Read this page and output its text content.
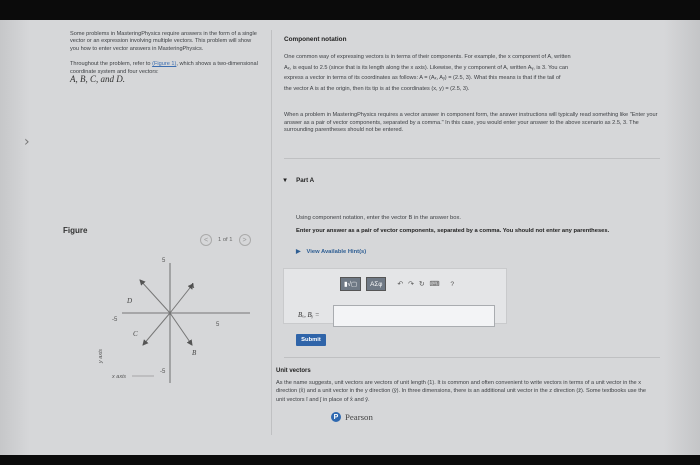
›

Some problems in MasteringPhysics require answers in the form of a single vector or an expression involving multiple vectors. This problem will show you how to enter vector answers in MasteringPhysics.

Throughout the problem, refer to (Figure 1), which shows a two-dimensional coordinate system and four vectors:
A, B, C, and D.

Figure
<	1 of 1	>
5
-5
5
-5
A
B
C
D
x axis
y axis
Component notation
One common way of expressing vectors is in terms of their components. For example, the x component of A, written
Aₓ, is equal to 2.5 (since that is its length along the x axis). Likewise, the y component of A, written Aᵧ, is 3. You can
express a vector in terms of its coordinates as follows: A = (Aₓ, Aᵧ) = (2.5, 3). What this means is that if the tail of
the vector A is at the origin, then its tip is at the coordinates (x, y) = (2.5, 3).
When a problem in MasteringPhysics requires a vector answer in component form, the answer instructions will typically read something like "Enter your answer as a pair of vector components, separated by a comma." In this case, you would enter your answer to the above scenario as 2.5, 3. The surrounding parentheses should not be entered.
▼ Part A
Using component notation, enter the vector B in the answer box.
Enter your answer as a pair of vector components, separated by a comma. You should not enter any parentheses.
▶ View Available Hint(s)
▮√▢	ΑΣφ	↶ ↷ ↻ ⌨ ?
Bₓ, Bᵧ =
Submit
Unit vectors
As the name suggests, unit vectors are vectors of unit length (1). It is common and often convenient to write vectors in terms of a unit vector in the x direction (x̂) and a unit vector in the y direction (ŷ). In three dimensions, there is an additional unit vector in the z direction (ẑ). Some textbooks use the unit vectors î and ĵ in place of x̂ and ŷ.
P Pearson
